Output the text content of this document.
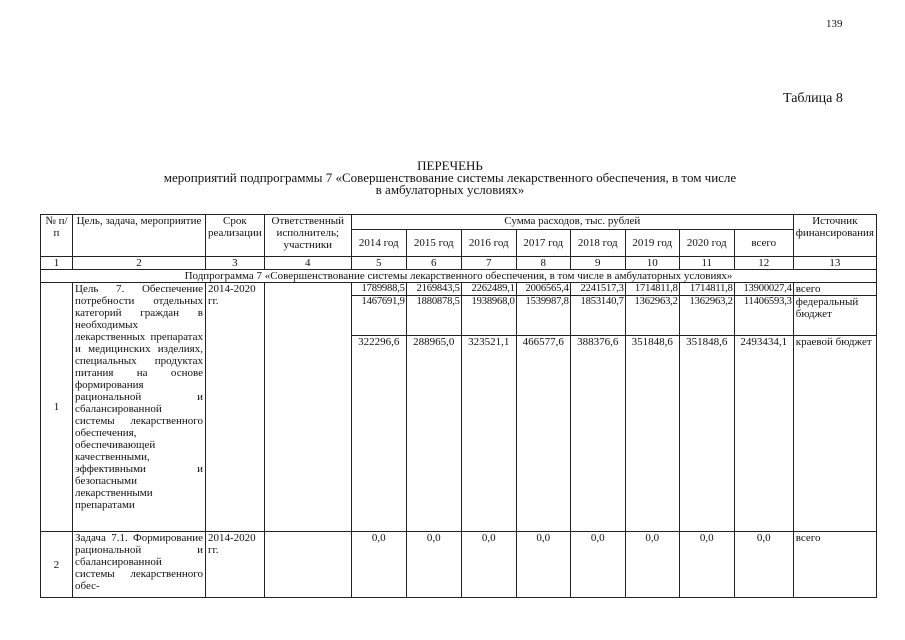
139
Таблица 8
ПЕРЕЧЕНЬ
мероприятий подпрограммы 7 «Совершенствование системы лекарственного обеспечения, в том числе
в амбулаторных условиях»
№ п/п	Цель, задача, мероприятие	Срок реализации	Ответственный исполнитель; участники	Сумма расходов, тыс. рублей								Источник финансирования
				2014 год	2015 год	2016 год	2017 год	2018 год	2019 год	2020 год	всего	
1	2	3	4	5	6	7	8	9	10	11	12	13
Подпрограмма 7 «Совершенствование системы лекарственного обеспечения, в том числе в амбулаторных условиях»												
1	Цель 7. Обеспечение потребности отдельных категорий граждан в необходимых лекарственных препаратах и медицинских изделиях, специальных продуктах питания на основе формирования рациональной и сбалансированной системы лекарственного обеспечения, обеспечивающей качественными, эффективными и безопасными лекарственными препаратами	2014-2020 гг.		1789988,5	2169843,5	2262489,1	2006565,4	2241517,3	1714811,8	1714811,8	13900027,4	всего
				1467691,9	1880878,5	1938968,0	1539987,8	1853140,7	1362963,2	1362963,2	11406593,3	федеральный бюджет
				322296,6	288965,0	323521,1	466577,6	388376,6	351848,6	351848,6	2493434,1	краевой бюджет
2	Задача 7.1. Формирование рациональной и сбалансированной системы лекарственного обес-	2014-2020 гг.		0,0	0,0	0,0	0,0	0,0	0,0	0,0	0,0	всего
